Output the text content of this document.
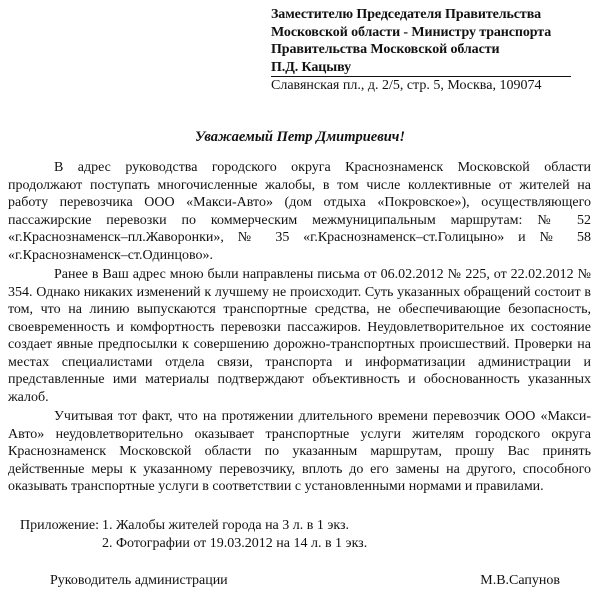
Заместителю Председателя Правительства
Московской области - Министру транспорта
Правительства Московской области
П.Д. Кацыву
Славянская пл., д. 2/5, стр. 5, Москва, 109074
Уважаемый Петр Дмитриевич!

В адрес руководства городского округа Краснознаменск Московской области продолжают поступать многочисленные жалобы, в том числе коллективные от жителей на работу перевозчика ООО «Макси-Авто» (дом отдыха «Покровское»), осуществляющего пассажирские перевозки по коммерческим межмуниципальным маршрутам: № 52 «г.Краснознаменск–пл.Жаворонки», № 35 «г.Краснознаменск–ст.Голицыно» и № 58 «г.Краснознаменск–ст.Одинцово».

Ранее в Ваш адрес мною были направлены письма от 06.02.2012 № 225, от 22.02.2012 № 354. Однако никаких изменений к лучшему не происходит. Суть указанных обращений состоит в том, что на линию выпускаются транспортные средства, не обеспечивающие безопасность, своевременность и комфортность перевозки пассажиров. Неудовлетворительное их состояние создает явные предпосылки к совершению дорожно-транспортных происшествий. Проверки на местах специалистами отдела связи, транспорта и информатизации администрации и представленные ими материалы подтверждают объективность и обоснованность указанных жалоб.

Учитывая тот факт, что на протяжении длительного времени перевозчик ООО «Макси-Авто» неудовлетворительно оказывает транспортные услуги жителям городского округа Краснознаменск Московской области по указанным маршрутам, прошу Вас принять действенные меры к указанному перевозчику, вплоть до его замены на другого, способного оказывать транспортные услуги в соответствии с установленными нормами и правилами.

Приложение: 1. Жалобы жителей города на 3 л. в 1 экз.
2. Фотографии от 19.03.2012 на 14 л. в 1 экз.
Руководитель администрации	М.В.Сапунов
